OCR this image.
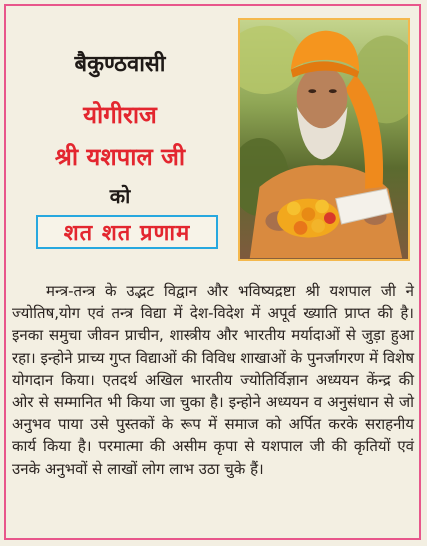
बैकुण्ठवासी
योगीराज
श्री यशपाल जी
को
शत शत प्रणाम
मन्त्र-तन्त्र के उद्भट विद्वान और भविष्यद्रष्टा श्री यशपाल जी ने ज्योतिष,योग एवं तन्त्र विद्या में देश-विदेश में अपूर्व ख्याति प्राप्त की है। इनका समुचा जीवन प्राचीन, शास्त्रीय और भारतीय मर्यादाओं से जुड़ा हुआ रहा। इन्होने प्राच्य गुप्त विद्याओं की विविध शाखाओं के पुनर्जागरण में विशेष योगदान किया। एतदर्थ अखिल भारतीय ज्योतिर्विज्ञान अध्ययन केंन्द्र की ओर से सम्मानित भी किया जा चुका है। इन्होने अध्ययन व अनुसंधान से जो अनुभव पाया उसे पुस्तकों के रूप में समाज को अर्पित करके सराहनीय कार्य किया है। परमात्मा की असीम कृपा से यशपाल जी की कृतियों एवं उनके अनुभवों से लाखों लोग लाभ उठा चुके हैं।
